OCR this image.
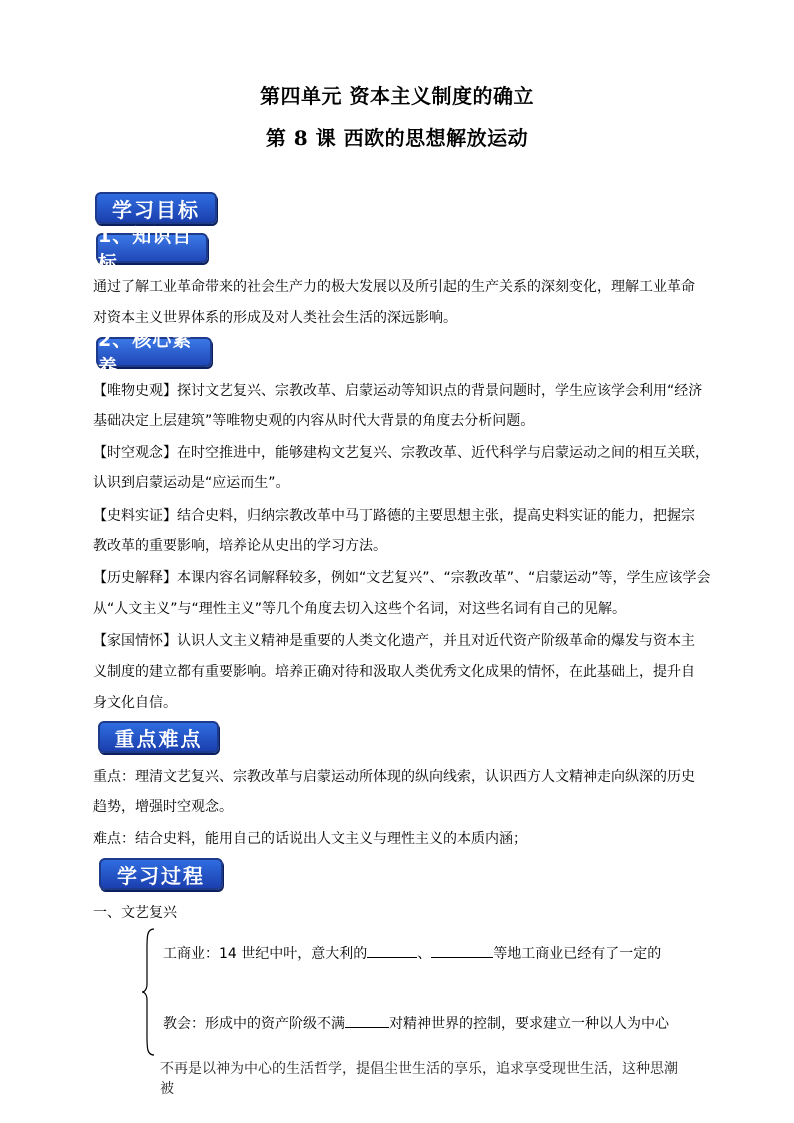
第四单元 资本主义制度的确立
第 8 课 西欧的思想解放运动
学习目标
1、知识目标
通过了解工业革命带来的社会生产力的极大发展以及所引起的生产关系的深刻变化，理解工业革命
对资本主义世界体系的形成及对人类社会生活的深远影响。
2、核心素养
【唯物史观】探讨文艺复兴、宗教改革、启蒙运动等知识点的背景问题时，学生应该学会利用“经济
基础决定上层建筑”等唯物史观的内容从时代大背景的角度去分析问题。
【时空观念】在时空推进中，能够建构文艺复兴、宗教改革、近代科学与启蒙运动之间的相互关联，
认识到启蒙运动是“应运而生”。
【史料实证】结合史料，归纳宗教改革中马丁路德的主要思想主张，提高史料实证的能力，把握宗
教改革的重要影响，培养论从史出的学习方法。
【历史解释】本课内容名词解释较多，例如“文艺复兴”、“宗教改革”、“启蒙运动”等，学生应该学会
从“人文主义”与“理性主义”等几个角度去切入这些个名词，对这些名词有自己的见解。
【家国情怀】认识人文主义精神是重要的人类文化遗产，并且对近代资产阶级革命的爆发与资本主
义制度的建立都有重要影响。培养正确对待和汲取人类优秀文化成果的情怀，在此基础上，提升自
身文化自信。
重点难点
重点：理清文艺复兴、宗教改革与启蒙运动所体现的纵向线索，认识西方人文精神走向纵深的历史
趋势，增强时空观念。
难点：结合史料，能用自己的话说出人文主义与理性主义的本质内涵；
学习过程
一、文艺复兴
工商业：14 世纪中叶，意大利的	、	等地工商业已经有了一定的
教会：形成中的资产阶级不满	对精神世界的控制，要求建立一种以人为中心
不再是以神为中心的生活哲学，提倡尘世生活的享乐，追求享受现世生活，这种思潮被
